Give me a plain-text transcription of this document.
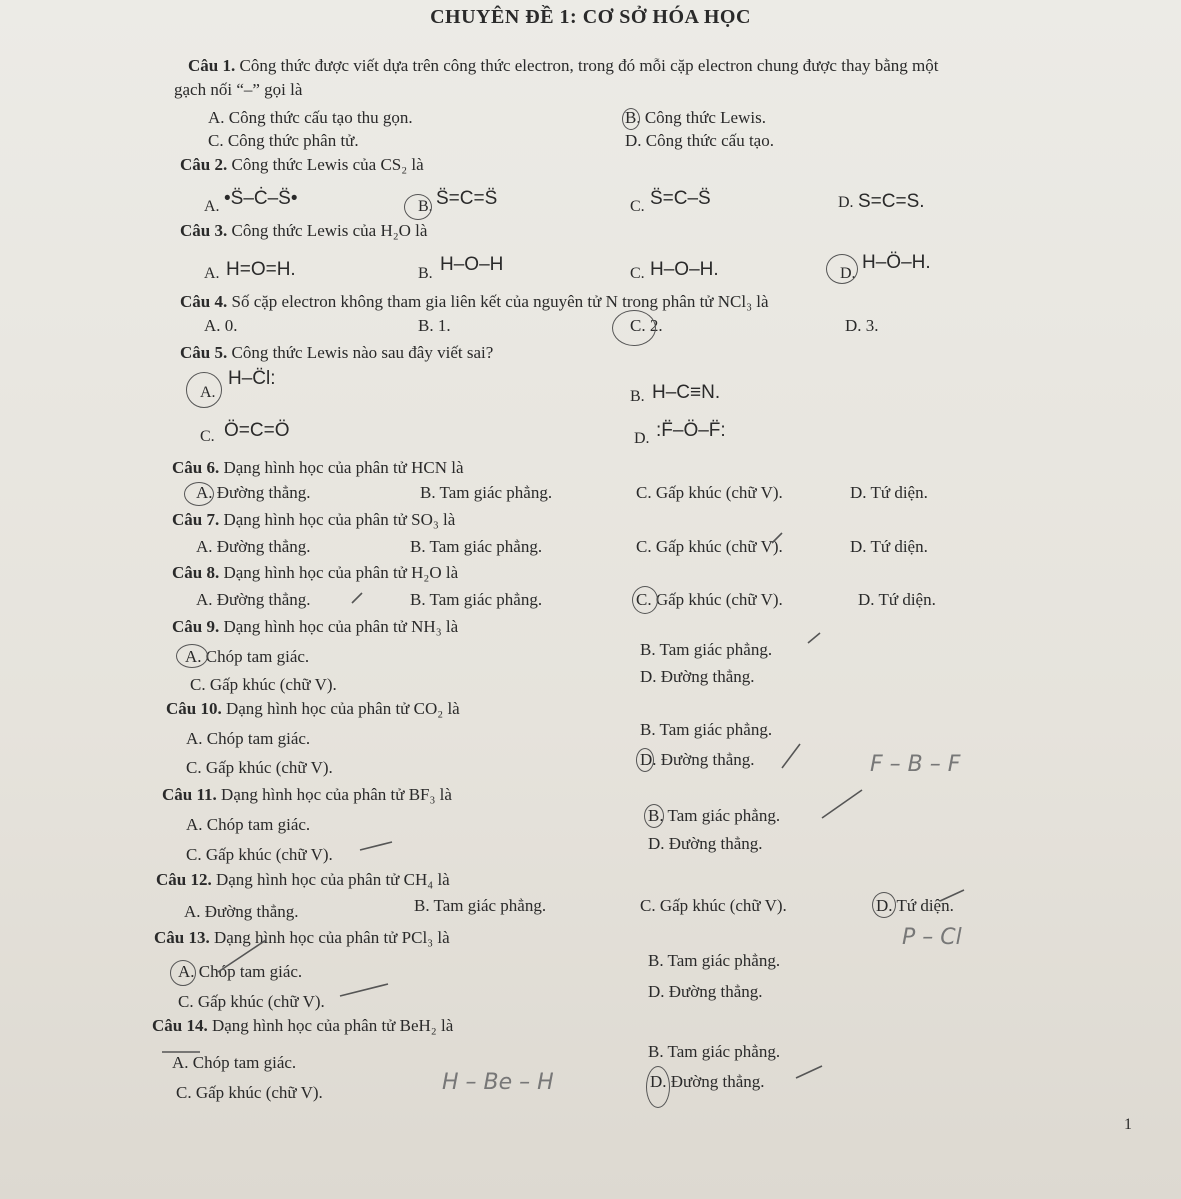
CHUYÊN ĐỀ 1: CƠ SỞ HÓA HỌC
Câu 1. Công thức được viết dựa trên công thức electron, trong đó mỗi cặp electron chung được thay bằng một
gạch nối “–” gọi là
A. Công thức cấu tạo thu gọn.	B. Công thức Lewis.
C. Công thức phân tử.	D. Công thức cấu tạo.
Câu 2. Công thức Lewis của CS₂ là
A. •S̈–Ċ–S̈•	B. S̈=C=S̈	C. S̈=C–S̈	D. S=C=S.
Câu 3. Công thức Lewis của H₂O là
A. H=O=H.	B. H–O–H	C. H–O–H.	D.
H–Ö–H.
Câu 4. Số cặp electron không tham gia liên kết của nguyên tử N trong phân tử NCl₃ là
A. 0.	B. 1.	C. 2.	D. 3.
Câu 5. Công thức Lewis nào sau đây viết sai?
A.
H–C̈l:
B. H–C≡N.
C. Ö=C=Ö	D. :F̈–Ö–F̈:
Câu 6. Dạng hình học của phân tử HCN là
A. Đường thẳng.	B. Tam giác phẳng.	C. Gấp khúc (chữ V).	D. Tứ diện.
Câu 7. Dạng hình học của phân tử SO₃ là
A. Đường thẳng.	B. Tam giác phẳng.	C. Gấp khúc (chữ V).	D. Tứ diện.
Câu 8. Dạng hình học của phân tử H₂O là
A. Đường thẳng.	B. Tam giác phẳng.	C. Gấp khúc (chữ V).	D. Tứ diện.
Câu 9. Dạng hình học của phân tử NH₃ là
A. Chóp tam giác.	B. Tam giác phẳng.
C. Gấp khúc (chữ V).	D. Đường thẳng.
Câu 10. Dạng hình học của phân tử CO₂ là
A. Chóp tam giác.	B. Tam giác phẳng.
C. Gấp khúc (chữ V).	D. Đường thẳng.
Câu 11. Dạng hình học của phân tử BF₃ là
A. Chóp tam giác.	B. Tam giác phẳng.
C. Gấp khúc (chữ V).
D. Đường thẳng.
Câu 12. Dạng hình học của phân tử CH₄ là
A. Đường thẳng.	B. Tam giác phẳng.	C. Gấp khúc (chữ V).	D. Tứ diện.
Câu 13. Dạng hình học của phân tử PCl₃ là
A. Chóp tam giác.
B. Tam giác phẳng.
C. Gấp khúc (chữ V).
D. Đường thẳng.
Câu 14. Dạng hình học của phân tử BeH₂ là
A. Chóp tam giác.
B. Tam giác phẳng.
C. Gấp khúc (chữ V).
D. Đường thẳng.
F – B – F
P – Cl
H – Be – H
1
